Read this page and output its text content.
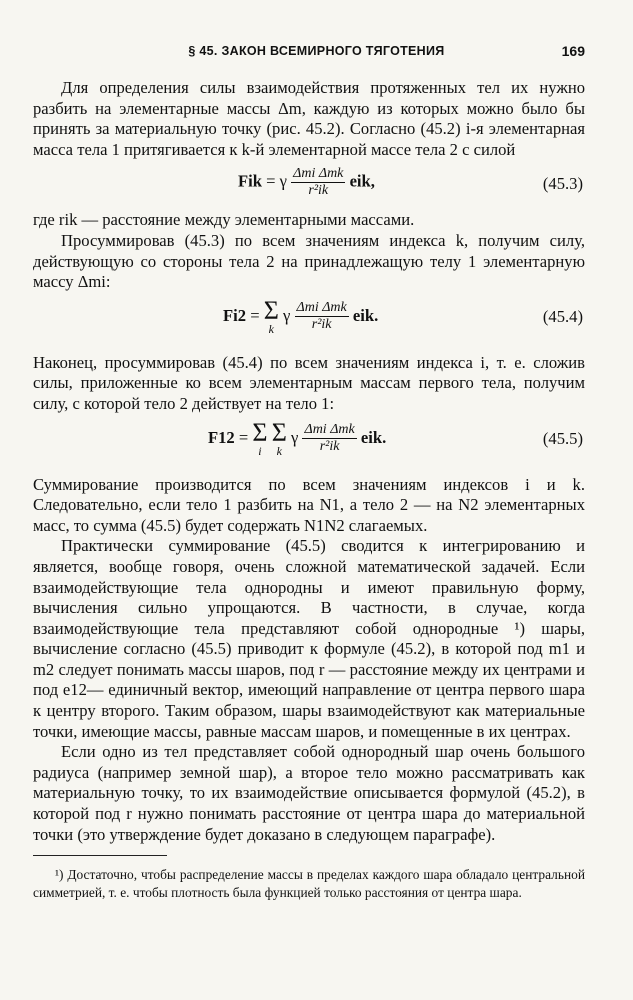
§ 45. ЗАКОН ВСЕМИРНОГО ТЯГОТЕНИЯ	169

Для определения силы взаимодействия протяженных тел их нужно разбить на элементарные массы Δm, каждую из которых можно было бы принять за материальную точку (рис. 45.2). Согласно (45.2) i-я элементарная масса тела 1 притягивается к k-й элементарной массе тела 2 с силой

Fik = γ $\frac{\text{Δmi Δmk}}{\text{r²ik}}$ eik,	(45.3)

где rik — расстояние между элементарными массами.

Просуммировав (45.3) по всем значениям индекса k, получим силу, действующую со стороны тела 2 на принадлежащую телу 1 элементарную массу Δmi:

Fi2 = Σ
k
γ $\frac{\text{Δmi Δmk}}{\text{r²ik}}$ eik.	(45.4)

Наконец, просуммировав (45.4) по всем значениям индекса i, т. е. сложив силы, приложенные ко всем элементарным массам первого тела, получим силу, с которой тело 2 действует на тело 1:

F12 = Σ
i

Σ
k
γ $\frac{\text{Δmi Δmk}}{\text{r²ik}}$ eik.	(45.5)

Суммирование производится по всем значениям индексов i и k. Следовательно, если тело 1 разбить на N1, а тело 2 — на N2 элементарных масс, то сумма (45.5) будет содержать N1N2 слагаемых.

Практически суммирование (45.5) сводится к интегрированию и является, вообще говоря, очень сложной математической задачей. Если взаимодействующие тела однородны и имеют правильную форму, вычисления сильно упрощаются. В частности, в случае, когда взаимодействующие тела представляют собой однородные ¹) шары, вычисление согласно (45.5) приводит к формуле (45.2), в которой под m1 и m2 следует понимать массы шаров, под r — расстояние между их центрами и под e12— единичный вектор, имеющий направление от центра первого шара к центру второго. Таким образом, шары взаимодействуют как материальные точки, имеющие массы, равные массам шаров, и помещенные в их центрах.

Если одно из тел представляет собой однородный шар очень большого радиуса (например земной шар), а второе тело можно рассматривать как материальную точку, то их взаимодействие описывается формулой (45.2), в которой под r нужно понимать расстояние от центра шара до материальной точки (это утверждение будет доказано в следующем параграфе).

¹) Достаточно, чтобы распределение массы в пределах каждого шара обладало центральной симметрией, т. е. чтобы плотность была функцией только расстояния от центра шара.
